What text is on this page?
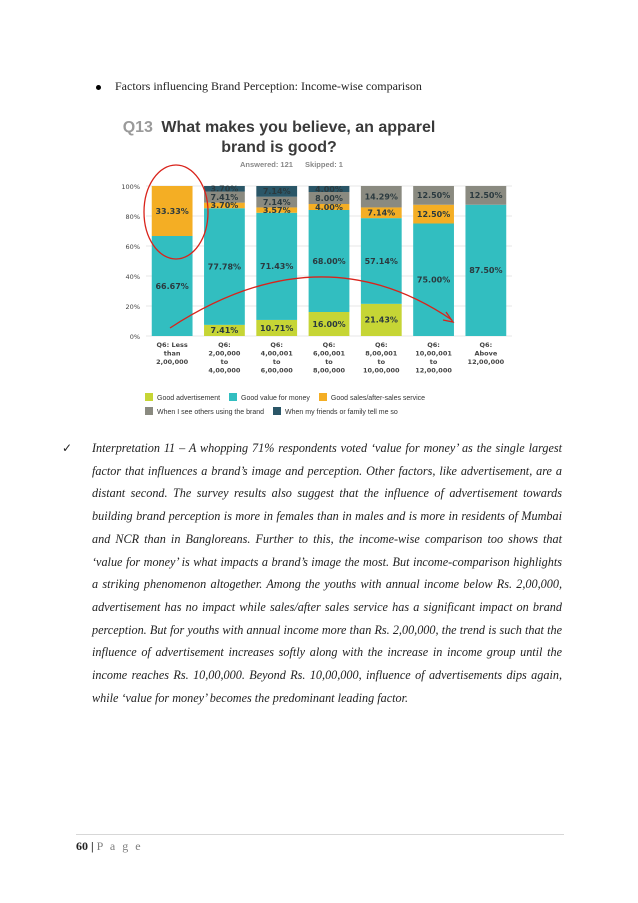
Factors influencing Brand Perception: Income-wise comparison
Q13 What makes you believe, an apparel brand is good?
Answered: 121 Skipped: 1
0%
20%
40%
60%
80%
100%
66.67%
33.33%
7.41%
77.78%
3.70%
7.41%
3.70%
10.71%
71.43%
3.57%
7.14%
7.14%
16.00%
68.00%
4.00%
8.00%
4.00%
21.43%
57.14%
7.14%
14.29%
75.00%
12.50%
12.50%
87.50%
12.50%
Q6: Less
than
2,00,000
Q6:
2,00,000
to
4,00,000
Q6:
4,00,001
to
6,00,000
Q6:
6,00,001
to
8,00,000
Q6:
8,00,001
to
10,00,000
Q6:
10,00,001
to
12,00,000
Q6:
Above
12,00,000
Good advertisement	Good value for money	Good sales/after-sales service
When I see others using the brand	When my friends or family tell me so
✓	Interpretation 11 – A whopping 71% respondents voted ‘value for money’ as the single largest factor that influences a brand’s image and perception. Other factors, like advertisement, are a distant second. The survey results also suggest that the influence of advertisement towards building brand perception is more in females than in males and is more in residents of Mumbai and NCR than in Bangloreans. Further to this, the income-wise comparison too shows that ‘value for money’ is what impacts a brand’s image the most. But income-comparison highlights a striking phenomenon altogether. Among the youths with annual income below Rs. 2,00,000, advertisement has no impact while sales/after sales service has a significant impact on brand perception. But for youths with annual income more than Rs. 2,00,000, the trend is such that the influence of advertisement increases softly along with the increase in income group until the income reaches Rs. 10,00,000. Beyond Rs. 10,00,000, influence of advertisements dips again, while ‘value for money’ becomes the predominant leading factor.

60 | P a g e
